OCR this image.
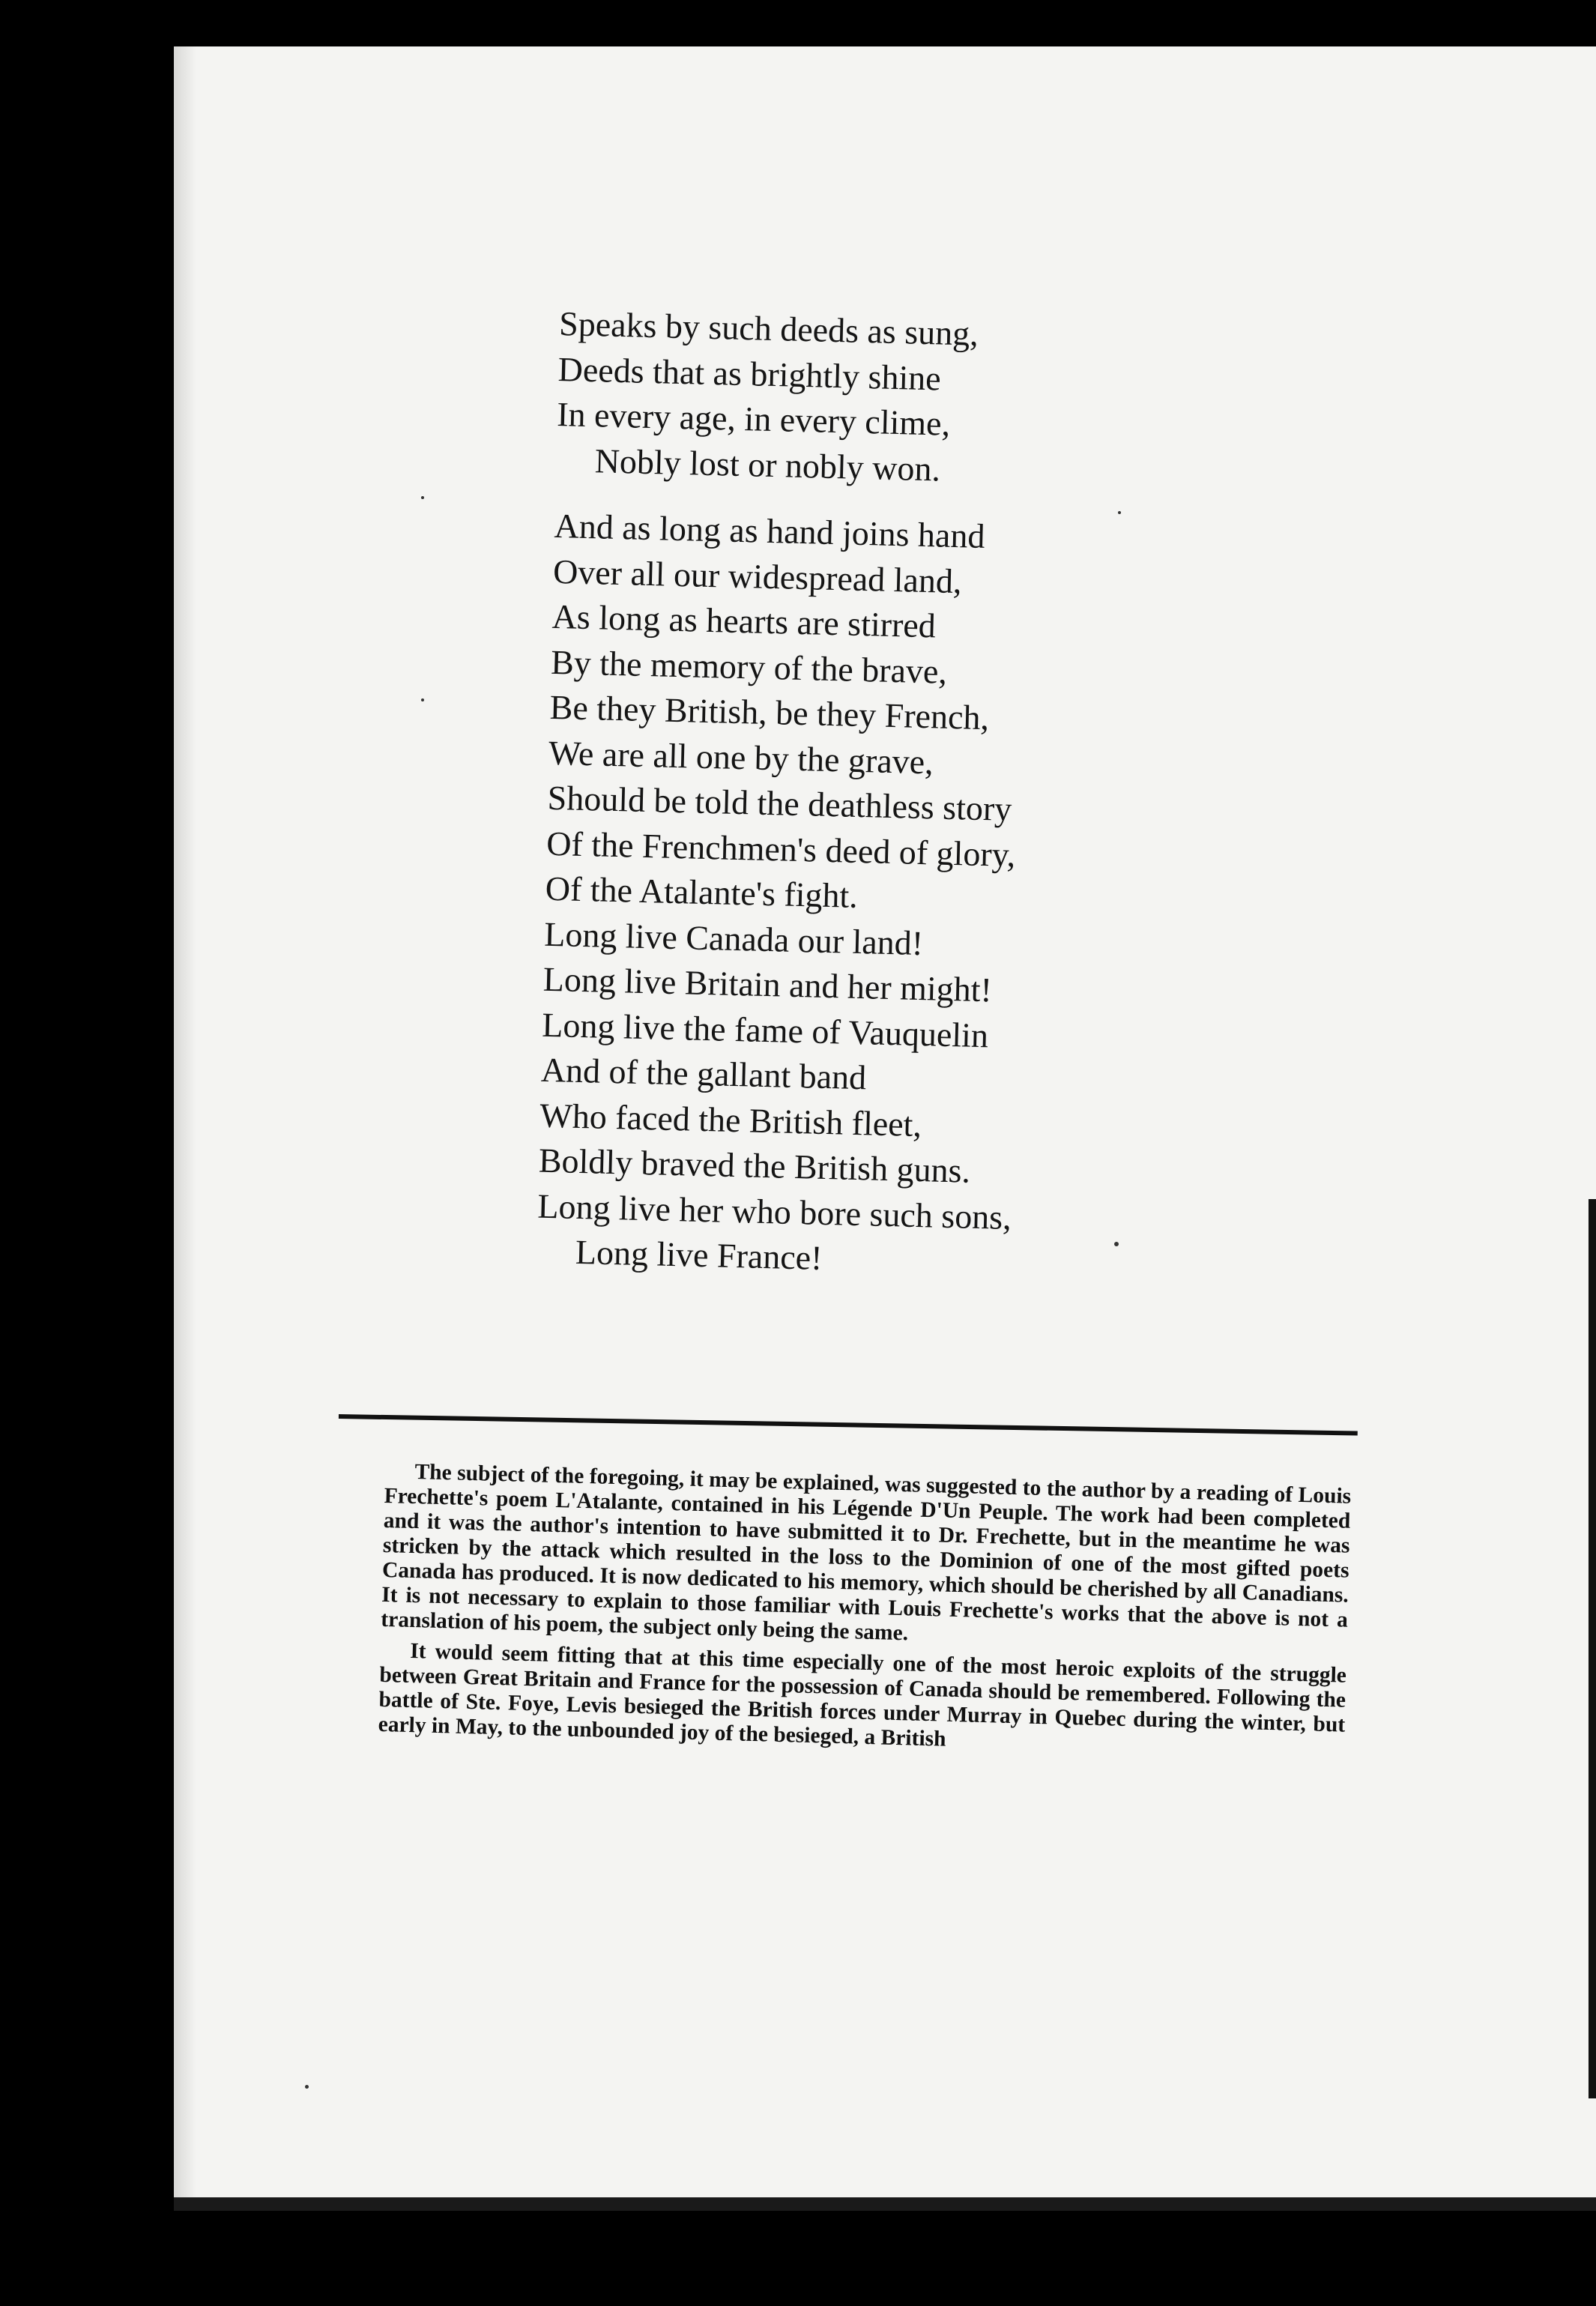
Speaks by such deeds as sung,
Deeds that as brightly shine
In every age, in every clime,
Nobly lost or nobly won.
And as long as hand joins hand
Over all our widespread land,
As long as hearts are stirred
By the memory of the brave,
Be they British, be they French,
We are all one by the grave,
Should be told the deathless story
Of the Frenchmen's deed of glory,
Of the Atalante's fight.
Long live Canada our land!
Long live Britain and her might!
Long live the fame of Vauquelin
And of the gallant band
Who faced the British fleet,
Boldly braved the British guns.
Long live her who bore such sons,
Long live France!

The subject of the foregoing, it may be explained, was suggested to the author by a reading of Louis Frechette's poem L'Atalante, contained in his Légende D'Un Peuple. The work had been completed and it was the author's intention to have submitted it to Dr. Frechette, but in the meantime he was stricken by the attack which resulted in the loss to the Dominion of one of the most gifted poets Canada has produced. It is now dedicated to his memory, which should be cherished by all Canadians. It is not necessary to explain to those familiar with Louis Frechette's works that the above is not a translation of his poem, the subject only being the same.

It would seem fitting that at this time especially one of the most heroic exploits of the struggle between Great Britain and France for the possession of Canada should be remembered. Following the battle of Ste. Foye, Levis besieged the British forces under Murray in Quebec during the winter, but early in May, to the unbounded joy of the besieged, a British
